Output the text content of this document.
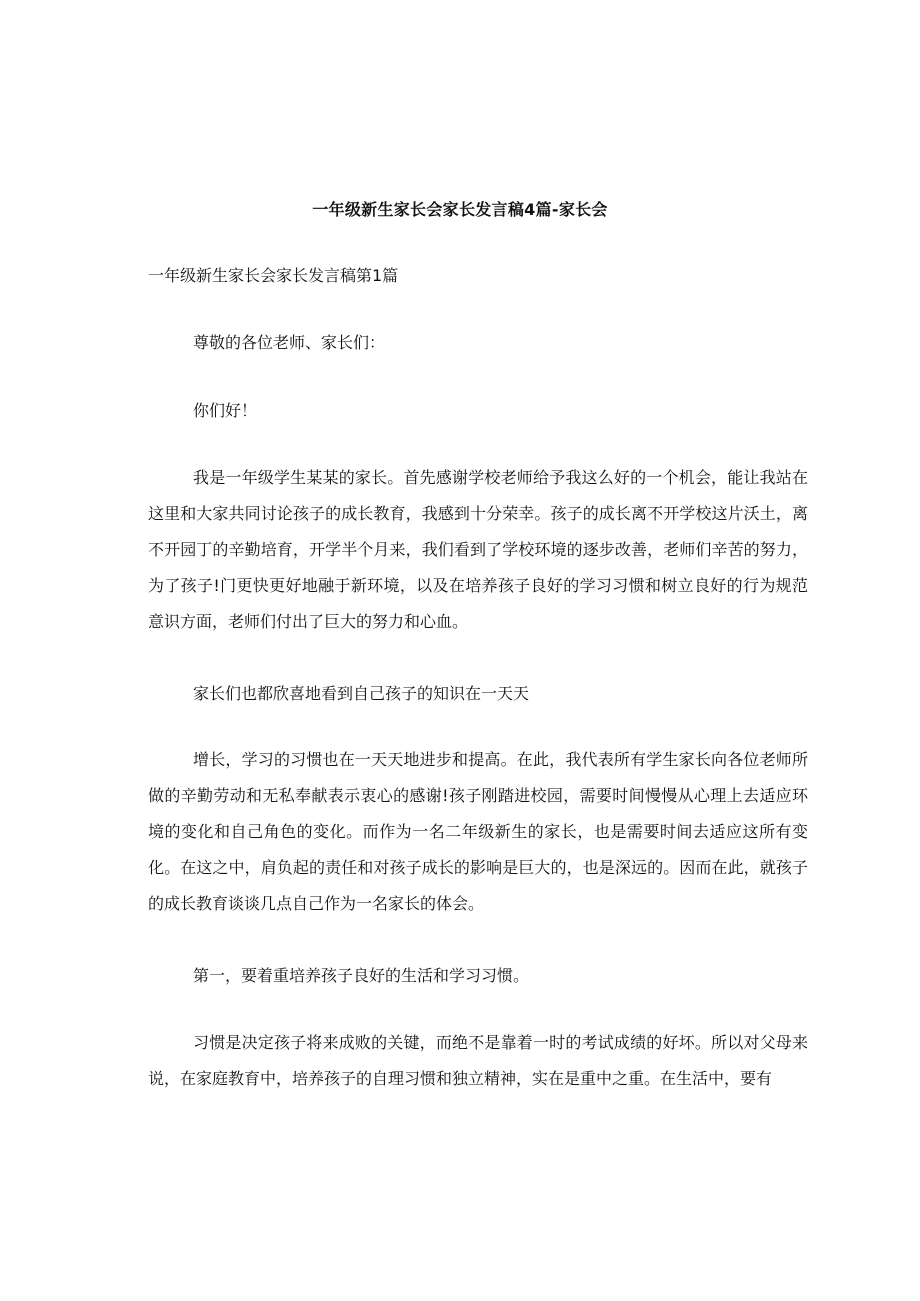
一年级新生家长会家长发言稿4篇-家长会
一年级新生家长会家长发言稿第1篇
尊敬的各位老师、家长们：
你们好！
我是一年级学生某某的家长。首先感谢学校老师给予我这么好的一个机会，能让我站在这里和大家共同讨论孩子的成长教育，我感到十分荣幸。孩子的成长离不开学校这片沃土，离不开园丁的辛勤培育，开学半个月来，我们看到了学校环境的逐步改善，老师们辛苦的努力，为了孩子!门更快更好地融于新环境，以及在培养孩子良好的学习习惯和树立良好的行为规范意识方面，老师们付出了巨大的努力和心血。
家长们也都欣喜地看到自己孩子的知识在一天天
增长，学习的习惯也在一天天地进步和提高。在此，我代表所有学生家长向各位老师所做的辛勤劳动和无私奉献表示衷心的感谢!孩子刚踏进校园，需要时间慢慢从心理上去适应环境的变化和自己角色的变化。而作为一名二年级新生的家长，也是需要时间去适应这所有变化。在这之中，肩负起的责任和对孩子成长的影响是巨大的，也是深远的。因而在此，就孩子的成长教育谈谈几点自己作为一名家长的体会。
第一，要着重培养孩子良好的生活和学习习惯。
习惯是决定孩子将来成败的关键，而绝不是靠着一时的考试成绩的好坏。所以对父母来说，在家庭教育中，培养孩子的自理习惯和独立精神，实在是重中之重。在生活中，要有
